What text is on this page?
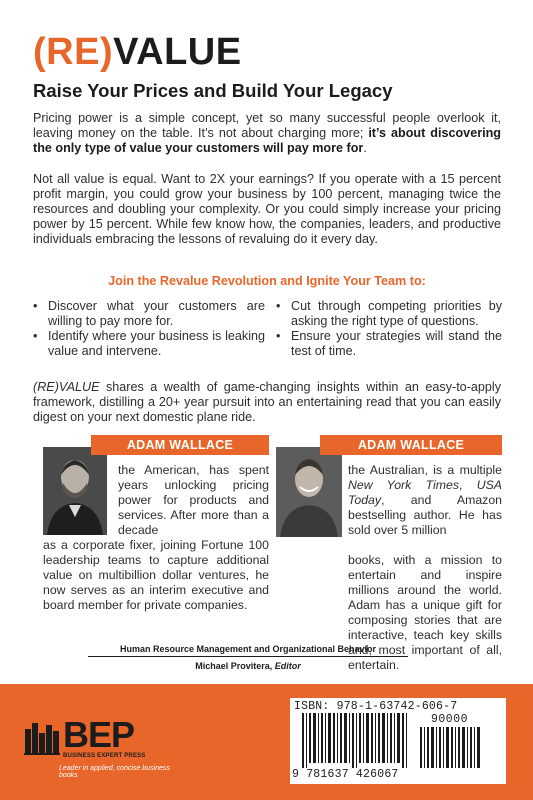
(RE)VALUE
Raise Your Prices and Build Your Legacy
Pricing power is a simple concept, yet so many successful people overlook it, leaving money on the table. It’s not about charging more; it’s about discovering the only type of value your customers will pay more for.
Not all value is equal. Want to 2X your earnings? If you operate with a 15 percent profit margin, you could grow your business by 100 percent, managing twice the resources and doubling your complexity. Or you could simply increase your pricing power by 15 percent. While few know how, the companies, leaders, and productive individuals embracing the lessons of revaluing do it every day.
Join the Revalue Revolution and Ignite Your Team to:
• Discover what your customers are willing to pay more for.
• Identify where your business is leaking value and intervene.
• Cut through competing priorities by asking the right type of questions.
• Ensure your strategies will stand the test of time.
(RE)VALUE shares a wealth of game-changing insights within an easy-to-apply framework, distilling a 20+ year pursuit into an entertaining read that you can easily digest on your next domestic plane ride.
ADAM WALLACE
the American, has spent years unlocking pricing power for products and services. After more than a decade
as a corporate fixer, joining Fortune 100 leadership teams to capture additional value on multibillion dollar ventures, he now serves as an interim executive and board member for private companies.
ADAM WALLACE
the Australian, is a multiple New York Times, USA Today, and Amazon bestselling author. He has sold over 5 million
books, with a mission to entertain and inspire millions around the world. Adam has a unique gift for composing stories that are interactive, teach key skills and, most important of all, entertain.
Human Resource Management and Organizational Behavior
Michael Provitera, Editor
BEP
BUSINESS EXPERT PRESS
Leader in applied, concise business books
ISBN: 978-1-63742-606-7
90000
9 781637 426067
